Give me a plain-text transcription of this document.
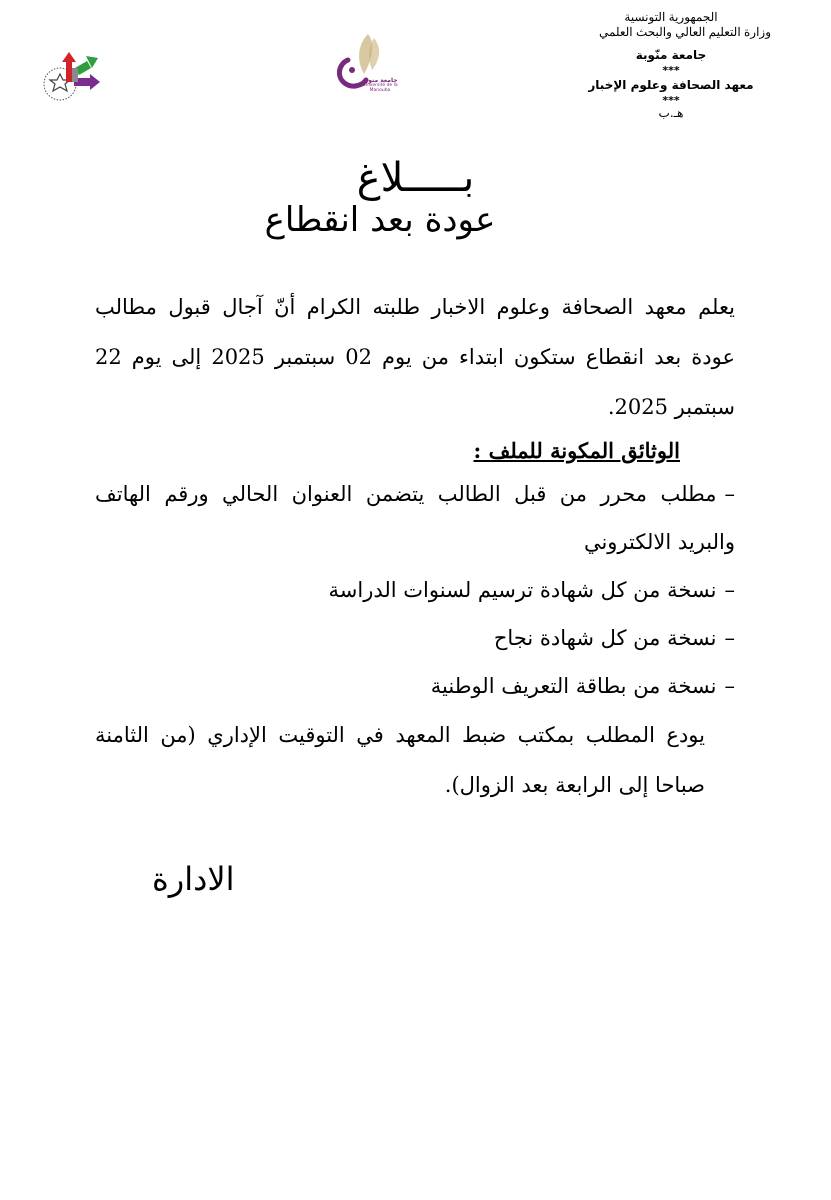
جامعة منوبة
Université de la Manouba
الجمهورية التونسية
وزارة التعليم العالي والبحث العلمي
جامعة منّوبة
***
معهد الصحافة وعلوم الإخبار
***
هـ.ب
بـــــلاغ
عودة بعد انقطاع

يعلم معهد الصحافة وعلوم الاخبار طلبته الكرام أنّ آجال قبول مطالب

عودة بعد انقطاع ستكون ابتداء من يوم 02 سبتمبر 2025 إلى يوم 22

سبتمبر 2025.

الوثائق المكونة للملف :

–مطلب محرر من قبل الطالب يتضمن العنوان الحالي ورقم الهاتف والبريد الالكتروني

–نسخة من كل شهادة ترسيم لسنوات الدراسة

–نسخة من كل شهادة نجاح

–نسخة من بطاقة التعريف الوطنية

يودع المطلب بمكتب ضبط المعهد في التوقيت الإداري (من الثامنة صباحا إلى الرابعة بعد الزوال).

الادارة
